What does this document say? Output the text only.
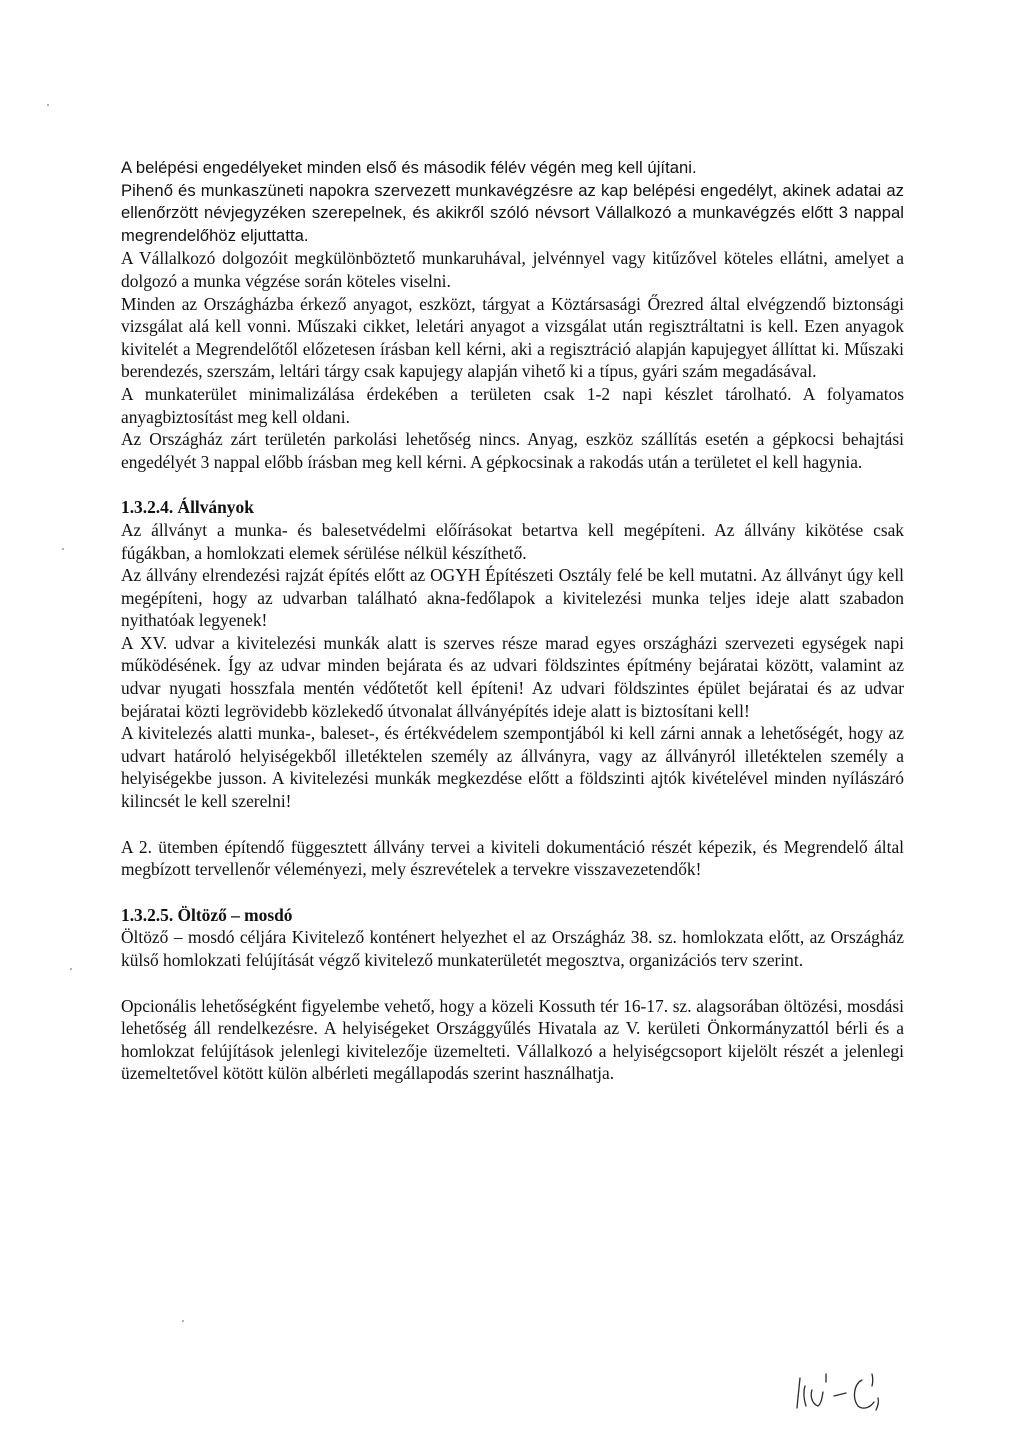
A belépési engedélyeket minden első és második félév végén meg kell újítani.

Pihenő és munkaszüneti napokra szervezett munkavégzésre az kap belépési engedélyt, akinek adatai az ellenőrzött névjegyzéken szerepelnek, és akikről szóló névsort Vállalkozó a munkavégzés előtt 3 nappal megrendelőhöz eljuttatta.

A Vállalkozó dolgozóit megkülönböztető munkaruhával, jelvénnyel vagy kitűzővel köteles ellátni, amelyet a dolgozó a munka végzése során köteles viselni.

Minden az Országházba érkező anyagot, eszközt, tárgyat a Köztársasági Őrezred által elvégzendő biztonsági vizsgálat alá kell vonni. Műszaki cikket, leletári anyagot a vizsgálat után regisztráltatni is kell. Ezen anyagok kivitelét a Megrendelőtől előzetesen írásban kell kérni, aki a regisztráció alapján kapujegyet állíttat ki. Műszaki berendezés, szerszám, leltári tárgy csak kapujegy alapján vihető ki a típus, gyári szám megadásával.

A munkaterület minimalizálása érdekében a területen csak 1-2 napi készlet tárolható. A folyamatos anyagbiztosítást meg kell oldani.

Az Országház zárt területén parkolási lehetőség nincs. Anyag, eszköz szállítás esetén a gépkocsi behajtási engedélyét 3 nappal előbb írásban meg kell kérni. A gépkocsinak a rakodás után a területet el kell hagynia.

1.3.2.4. Állványok

Az állványt a munka- és balesetvédelmi előírásokat betartva kell megépíteni. Az állvány kikötése csak fúgákban, a homlokzati elemek sérülése nélkül készíthető.

Az állvány elrendezési rajzát építés előtt az OGYH Építészeti Osztály felé be kell mutatni. Az állványt úgy kell megépíteni, hogy az udvarban található akna-fedőlapok a kivitelezési munka teljes ideje alatt szabadon nyithatóak legyenek!

A XV. udvar a kivitelezési munkák alatt is szerves része marad egyes országházi szervezeti egységek napi működésének. Így az udvar minden bejárata és az udvari földszintes építmény bejáratai között, valamint az udvar nyugati hosszfala mentén védőtetőt kell építeni! Az udvari földszintes épület bejáratai és az udvar bejáratai közti legrövidebb közlekedő útvonalat állványépítés ideje alatt is biztosítani kell!

A kivitelezés alatti munka-, baleset-, és értékvédelem szempontjából ki kell zárni annak a lehetőségét, hogy az udvart határoló helyiségekből illetéktelen személy az állványra, vagy az állványról illetéktelen személy a helyiségekbe jusson. A kivitelezési munkák megkezdése előtt a földszinti ajtók kivételével minden nyílászáró kilincsét le kell szerelni!

A 2. ütemben építendő függesztett állvány tervei a kiviteli dokumentáció részét képezik, és Megrendelő által megbízott tervellenőr véleményezi, mely észrevételek a tervekre visszavezetendők!

1.3.2.5. Öltöző – mosdó

Öltöző – mosdó céljára Kivitelező konténert helyezhet el az Országház 38. sz. homlokzata előtt, az Országház külső homlokzati felújítását végző kivitelező munkaterületét megosztva, organizációs terv szerint.

Opcionális lehetőségként figyelembe vehető, hogy a közeli Kossuth tér 16-17. sz. alagsorában öltözési, mosdási lehetőség áll rendelkezésre. A helyiségeket Országgyűlés Hivatala az V. kerületi Önkormányzattól bérli és a homlokzat felújítások jelenlegi kivitelezője üzemelteti. Vállalkozó a helyiségcsoport kijelölt részét a jelenlegi üzemeltetővel kötött külön albérleti megállapodás szerint használhatja.
